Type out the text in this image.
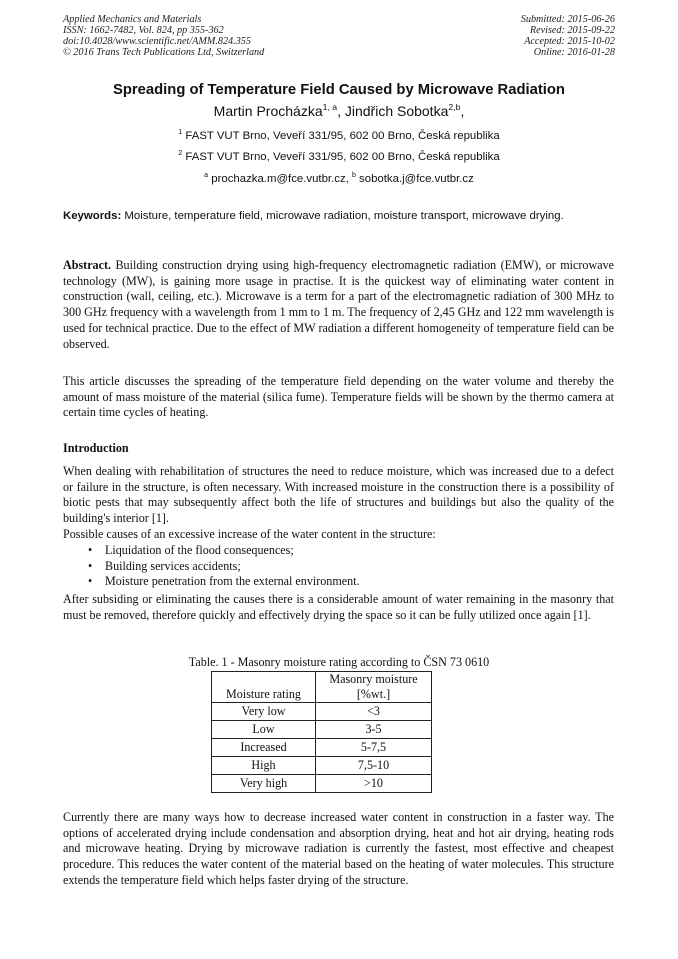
Applied Mechanics and Materials
ISSN: 1662-7482, Vol. 824, pp 355-362
doi:10.4028/www.scientific.net/AMM.824.355
© 2016 Trans Tech Publications Ltd, Switzerland
Submitted: 2015-06-26
Revised: 2015-09-22
Accepted: 2015-10-02
Online: 2016-01-28
Spreading of Temperature Field Caused by Microwave Radiation
Martin Procházka$^{1, a}$, Jindřich Sobotka$^{2,b}$,
$^1$ FAST VUT Brno, Veveří 331/95, 602 00 Brno, Česká republika
$^2$ FAST VUT Brno, Veveří 331/95, 602 00 Brno, Česká republika
$^a$ prochazka.m@fce.vutbr.cz, $^b$ sobotka.j@fce.vutbr.cz
Keywords: Moisture, temperature field, microwave radiation, moisture transport, microwave drying.
Abstract. Building construction drying using high-frequency electromagnetic radiation (EMW), or microwave technology (MW), is gaining more usage in practise. It is the quickest way of eliminating water content in construction (wall, ceiling, etc.). Microwave is a term for a part of the electromagnetic radiation of 300 MHz to 300 GHz frequency with a wavelength from 1 mm to 1 m. The frequency of 2,45 GHz and 122 mm wavelength is used for technical practice. Due to the effect of MW radiation a different homogeneity of temperature field can be observed.
This article discusses the spreading of the temperature field depending on the water volume and thereby the amount of mass moisture of the material (silica fume). Temperature fields will be shown by the thermo camera at certain time cycles of heating.
Introduction
When dealing with rehabilitation of structures the need to reduce moisture, which was increased due to a defect or failure in the structure, is often necessary. With increased moisture in the construction there is a possibility of biotic pests that may subsequently affect both the life of structures and buildings but also the quality of the building's interior [1].
Possible causes of an excessive increase of the water content in the structure:
• Liquidation of the flood consequences;
• Building services accidents;
• Moisture penetration from the external environment.
After subsiding or eliminating the causes there is a considerable amount of water remaining in the masonry that must be removed, therefore quickly and effectively drying the space so it can be fully utilized once again [1].
Table. 1 - Masonry moisture rating according to ČSN 73 0610
Moisture rating	Masonry moisture
[%wt.]
Very low	<3
Low	3-5
Increased	5-7,5
High	7,5-10
Very high	>10
Currently there are many ways how to decrease increased water content in construction in a faster way. The options of accelerated drying include condensation and absorption drying, heat and hot air drying, heating rods and microwave heating. Drying by microwave radiation is currently the fastest, most effective and cheapest procedure. This reduces the water content of the material based on the heating of water molecules. This structure extends the temperature field which helps faster drying of the structure.
